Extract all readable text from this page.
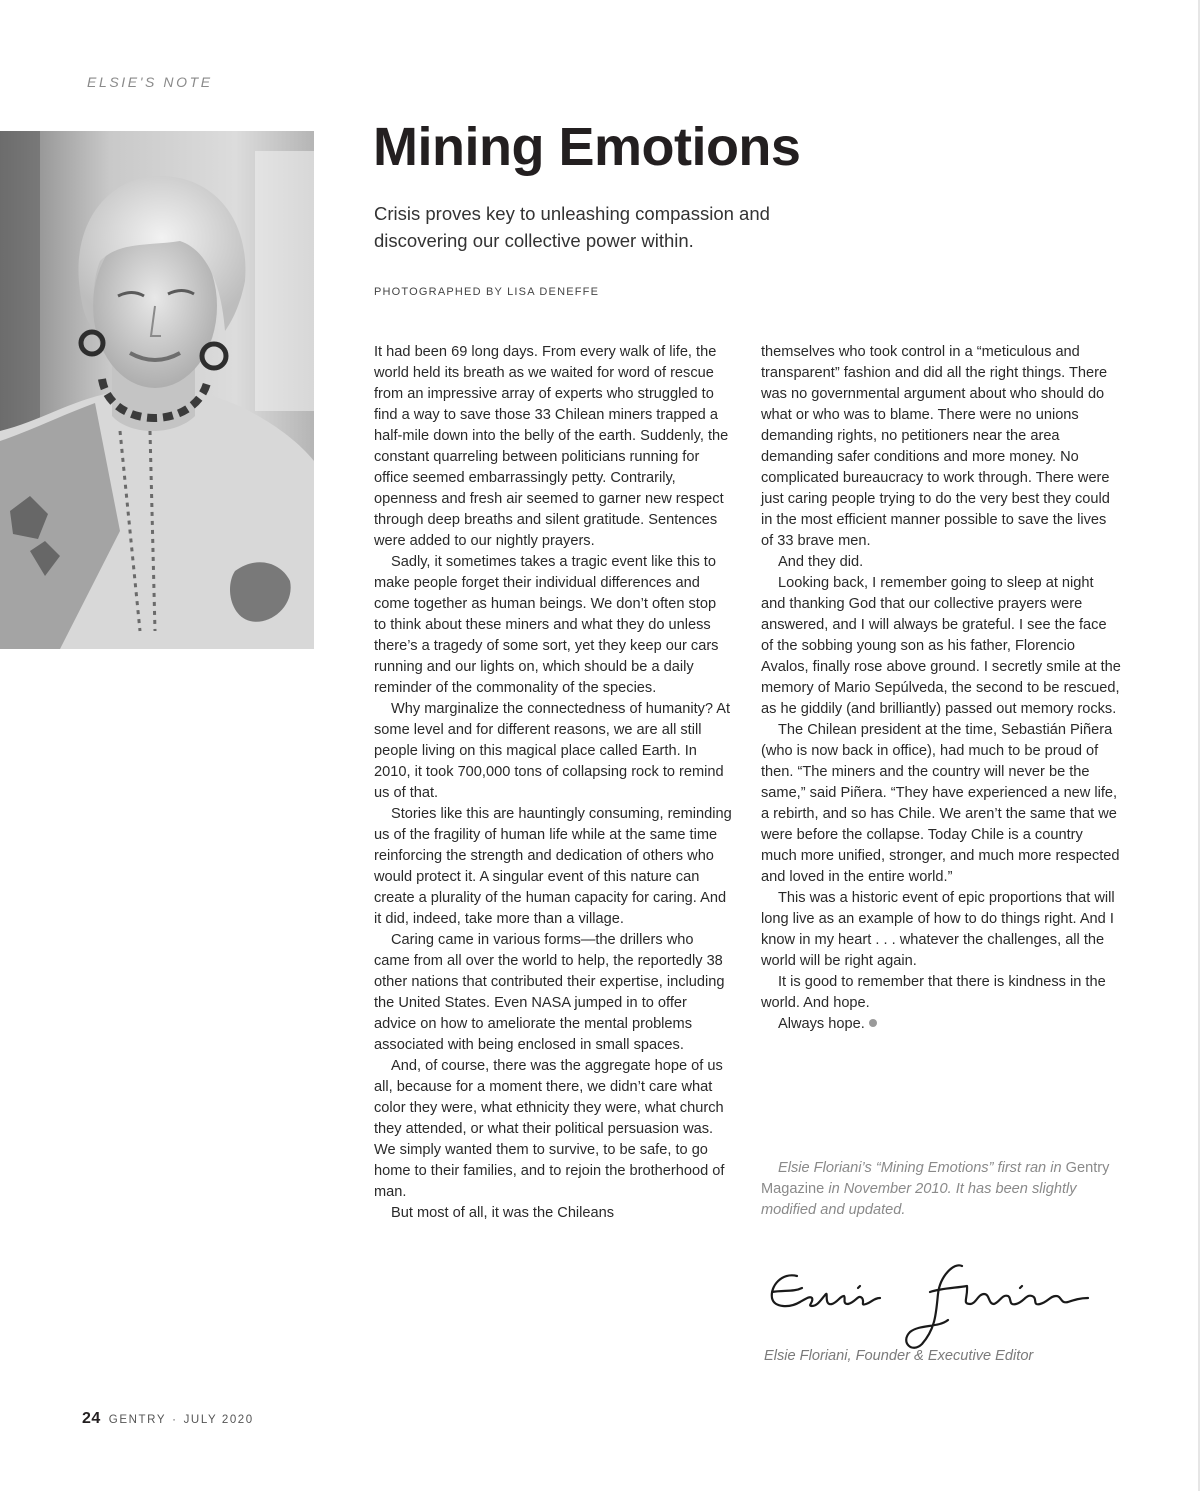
ELSIE'S NOTE
Mining Emotions
Crisis proves key to unleashing compassion and discovering our collective power within.
PHOTOGRAPHED BY LISA DENEFFE

It had been 69 long days. From every walk of life, the world held its breath as we waited for word of rescue from an impressive array of experts who struggled to find a way to save those 33 Chilean miners trapped a half-mile down into the belly of the earth. Suddenly, the constant quarreling between politicians running for office seemed embarrassingly petty. Contrarily, openness and fresh air seemed to garner new respect through deep breaths and silent gratitude. Sentences were added to our nightly prayers.

Sadly, it sometimes takes a tragic event like this to make people forget their individual differences and come together as human beings. We don’t often stop to think about these miners and what they do unless there’s a tragedy of some sort, yet they keep our cars running and our lights on, which should be a daily reminder of the commonality of the species.

Why marginalize the connectedness of humanity? At some level and for different reasons, we are all still people living on this magical place called Earth. In 2010, it took 700,000 tons of collapsing rock to remind us of that.

Stories like this are hauntingly consuming, reminding us of the fragility of human life while at the same time reinforcing the strength and dedication of others who would protect it. A singular event of this nature can create a plurality of the human capacity for caring. And it did, indeed, take more than a village.

Caring came in various forms—the drillers who came from all over the world to help, the reportedly 38 other nations that contributed their expertise, including the United States. Even NASA jumped in to offer advice on how to ameliorate the mental problems associated with being enclosed in small spaces.

And, of course, there was the aggregate hope of us all, because for a moment there, we didn’t care what color they were, what ethnicity they were, what church they attended, or what their political persuasion was. We simply wanted them to survive, to be safe, to go home to their families, and to rejoin the brotherhood of man.

But most of all, it was the Chileans

themselves who took control in a “meticulous and transparent” fashion and did all the right things. There was no governmental argument about who should do what or who was to blame. There were no unions demanding rights, no petitioners near the area demanding safer conditions and more money. No complicated bureaucracy to work through. There were just caring people trying to do the very best they could in the most efficient manner possible to save the lives of 33 brave men.

And they did.

Looking back, I remember going to sleep at night and thanking God that our collective prayers were answered, and I will always be grateful. I see the face of the sobbing young son as his father, Florencio Avalos, finally rose above ground. I secretly smile at the memory of Mario Sepúlveda, the second to be rescued, as he giddily (and brilliantly) passed out memory rocks.

The Chilean president at the time, Sebastián Piñera (who is now back in office), had much to be proud of then. “The miners and the country will never be the same,” said Piñera. “They have experienced a new life, a rebirth, and so has Chile. We aren’t the same that we were before the collapse. Today Chile is a country much more unified, stronger, and much more respected and loved in the entire world.”

This was a historic event of epic proportions that will long live as an example of how to do things right. And I know in my heart . . . whatever the challenges, all the world will be right again.

It is good to remember that there is kindness in the world. And hope.

Always hope.

Elsie Floriani’s “Mining Emotions” first ran in Gentry Magazine in November 2010. It has been slightly modified and updated.
Elsie Floriani, Founder & Executive Editor
24 GENTRY · JULY 2020
